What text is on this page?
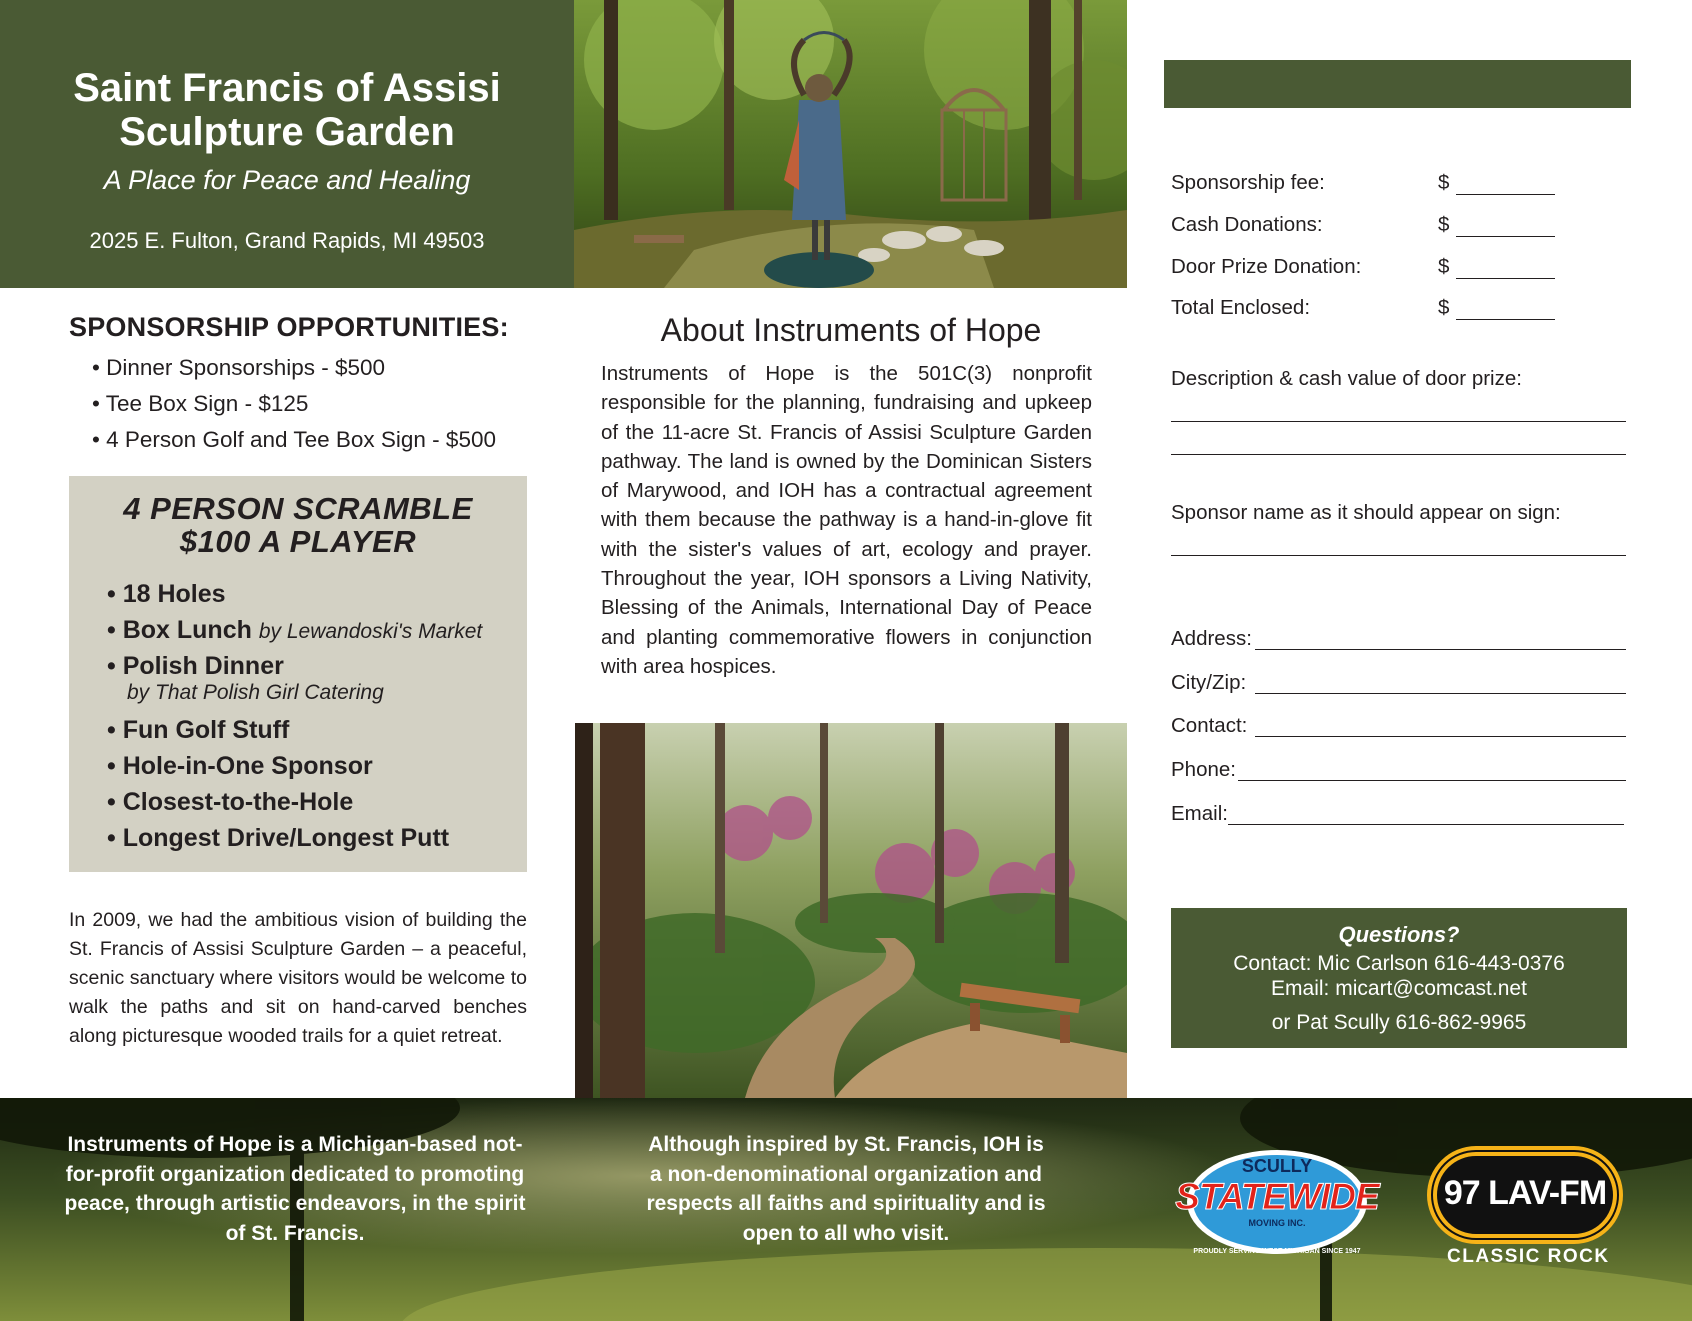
Saint Francis of Assisi
Sculpture Garden
A Place for Peace and Healing
2025 E. Fulton, Grand Rapids, MI 49503
SPONSORSHIP OPPORTUNITIES:
• Dinner Sponsorships - $500
• Tee Box Sign - $125
• 4 Person Golf and Tee Box Sign - $500
4 PERSON SCRAMBLE
$100 A PLAYER
• 18 Holes
• Box Lunch by Lewandoski's Market
• Polish Dinner
by That Polish Girl Catering
• Fun Golf Stuff
• Hole-in-One Sponsor
• Closest-to-the-Hole
• Longest Drive/Longest Putt
In 2009, we had the ambitious vision of building the St. Francis of Assisi Sculpture Garden – a peaceful, scenic sanctuary where visitors would be welcome to walk the paths and sit on hand-carved benches along picturesque wooded trails for a quiet retreat.
About Instruments of Hope
Instruments of Hope is the 501C(3) nonprofit responsible for the planning, fundraising and upkeep of the 11-acre St. Francis of Assisi Sculpture Garden pathway. The land is owned by the Dominican Sisters of Marywood, and IOH has a contractual agreement with them because the pathway is a hand-in-glove fit with the sister's values of art, ecology and prayer. Throughout the year, IOH sponsors a Living Nativity, Blessing of the Animals, International Day of Peace and planting commemorative flowers in conjunction with area hospices.
Sponsorship fee:	$
Cash Donations:	$
Door Prize Donation:	$
Total Enclosed:	$
Description & cash value of door prize:
Sponsor name as it should appear on sign:
Address:
City/Zip:
Contact:
Phone:
Email:
Questions?
Contact: Mic Carlson 616-443-0376
Email: micart@comcast.net
or Pat Scully 616-862-9965
Instruments of Hope is a Michigan-based not-for-profit organization dedicated to promoting peace, through artistic endeavors, in the spirit of St. Francis.
Although inspired by St. Francis, IOH is a non-denominational organization and respects all faiths and spirituality and is open to all who visit.
SCULLY
STATEWIDE
MOVING INC.
PROUDLY SERVING WEST MICHIGAN SINCE 1947
97 LAV-FM
CLASSIC ROCK
